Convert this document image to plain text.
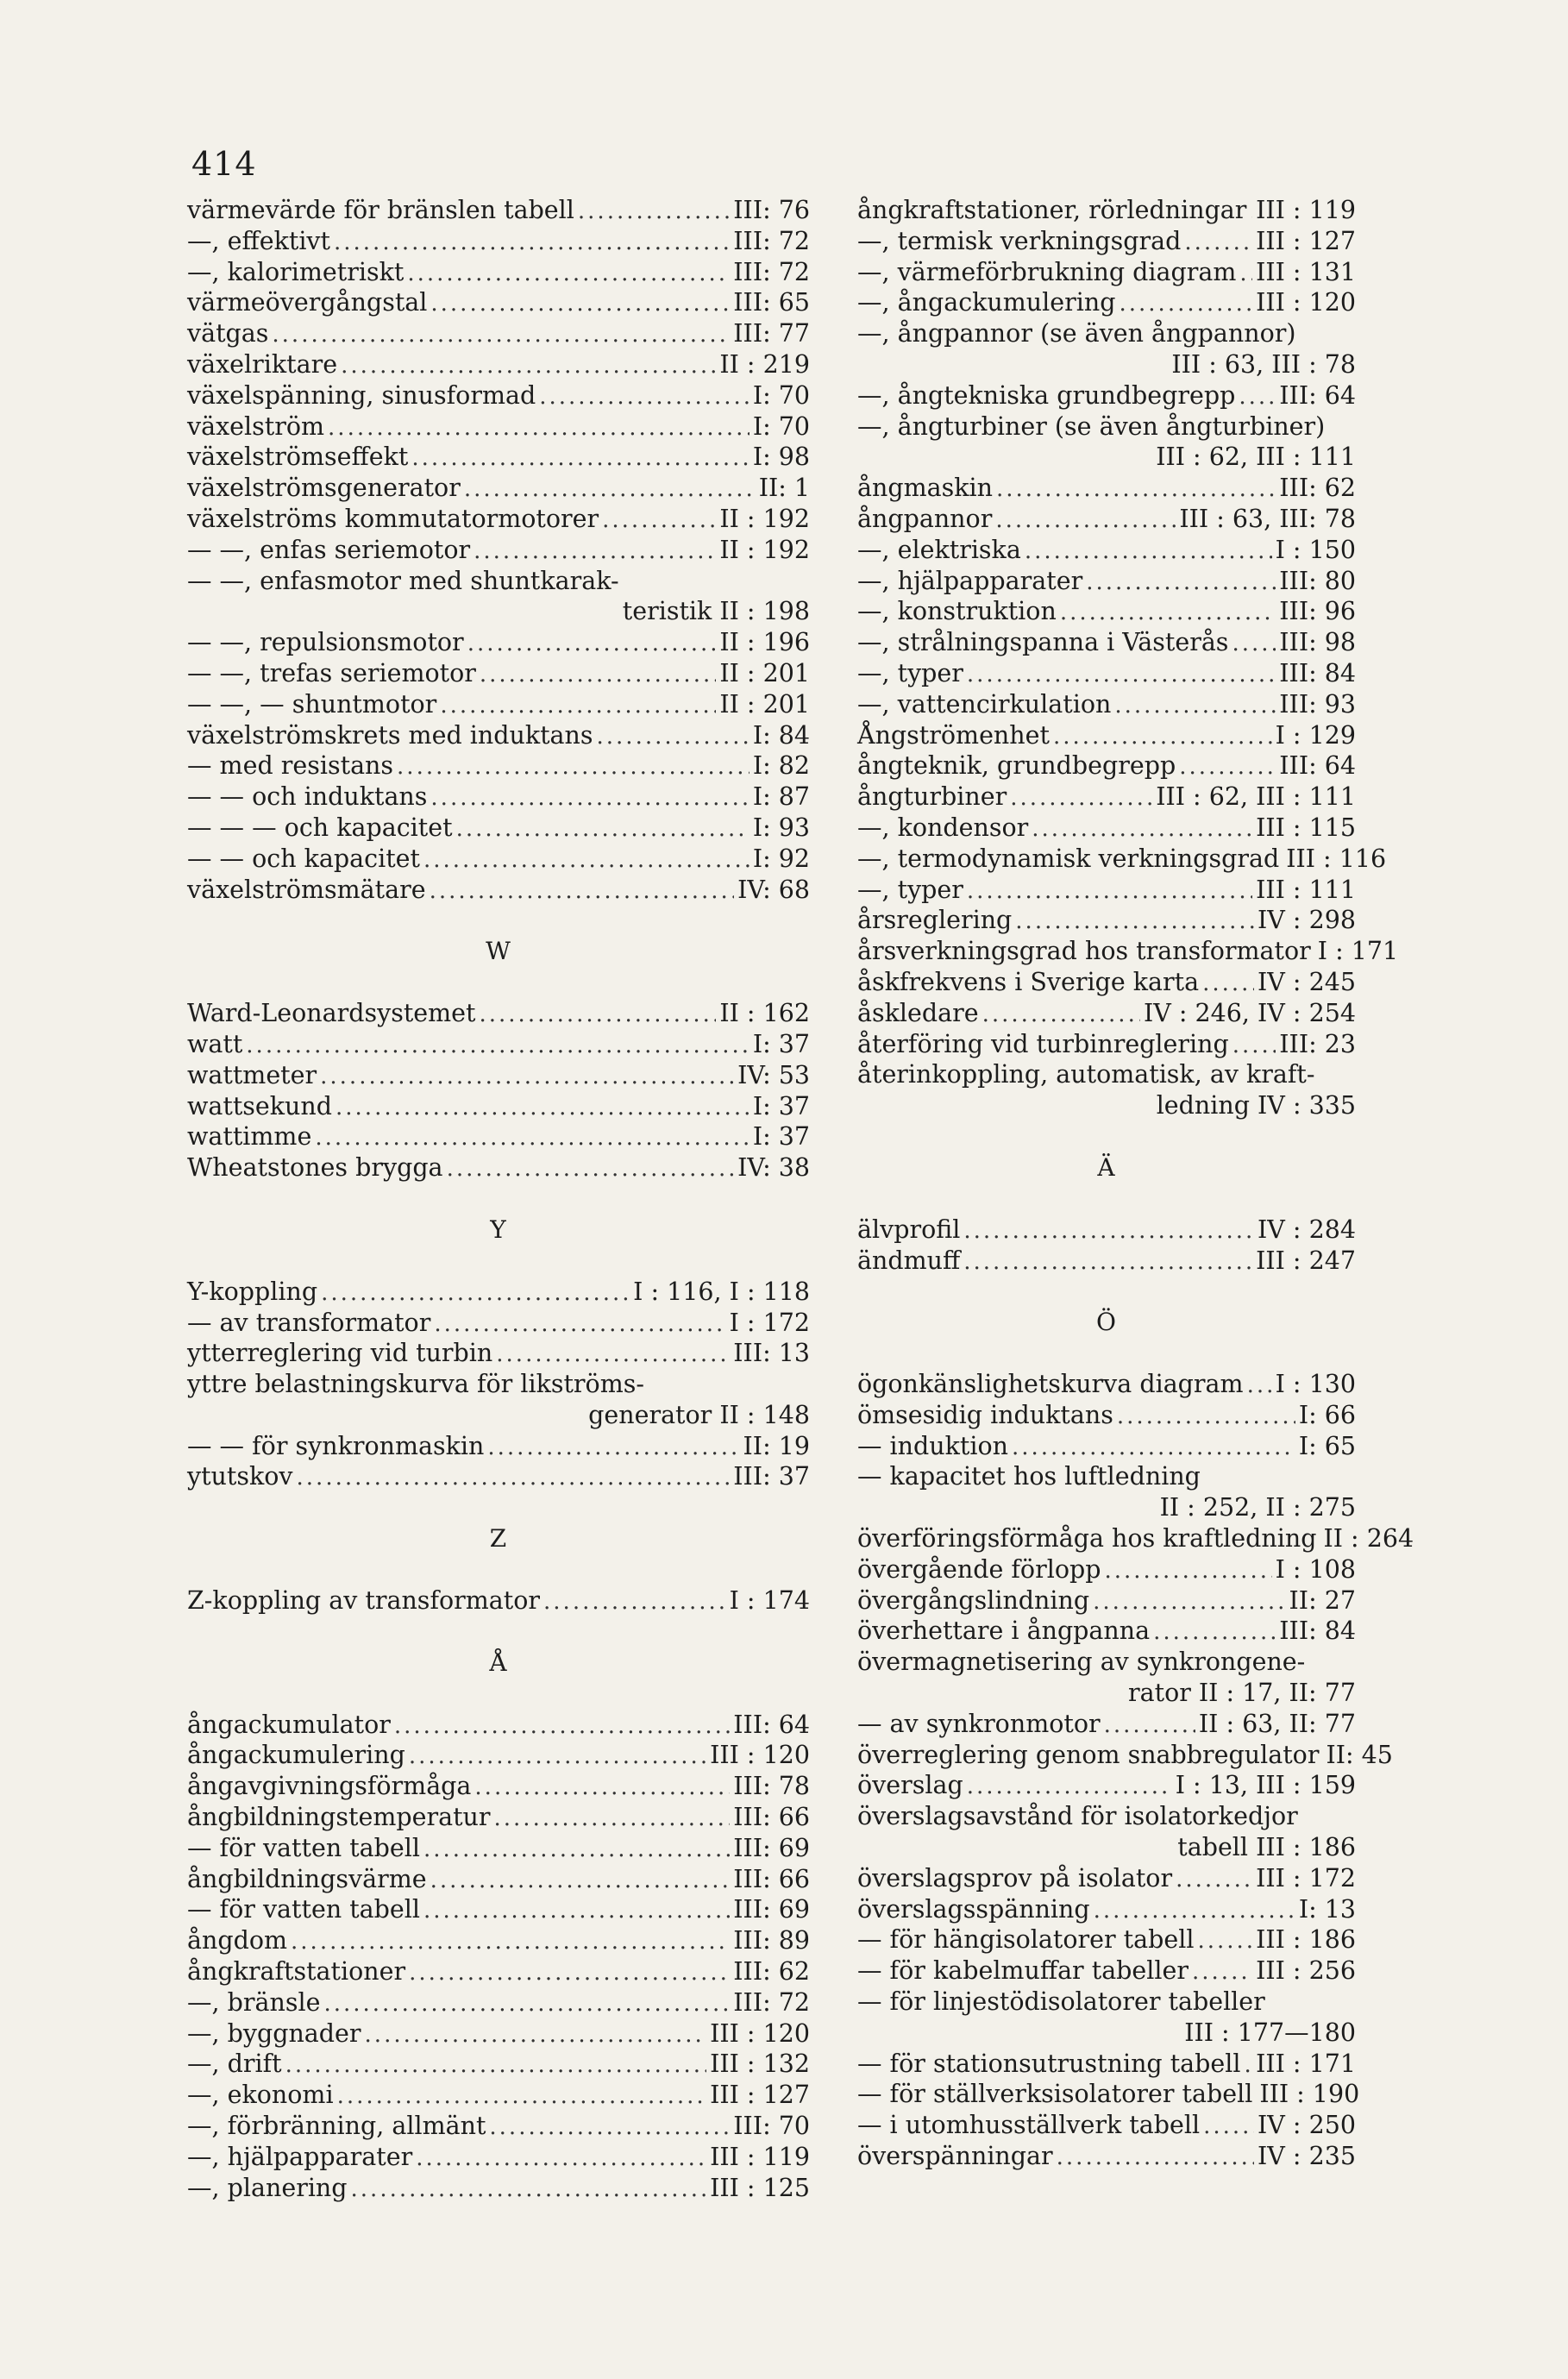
414
värmevärde för bränslen tabell .....	III: 76
—, effektivt .....	III: 72
—, kalorimetriskt .....	III: 72
värmeövergångstal .....	III: 65
vätgas .....	III: 77
växelriktare .....	II : 219
växelspänning, sinusformad .....	I: 70
växelström .....	I: 70
växelströmseffekt .....	I: 98
växelströmsgenerator .....	II: 1
växelströms kommutatormotorer .....	II : 192
— —, enfas seriemotor .....	II : 192
— —, enfasmotor med shuntkarak-
teristik II : 198
— —, repulsionsmotor .....	II : 196
— —, trefas seriemotor .....	II : 201
— —, — shuntmotor .....	II : 201
växelströmskrets med induktans .....	I: 84
— med resistans .....	I: 82
— — och induktans .....	I: 87
— — — och kapacitet .....	I: 93
— — och kapacitet .....	I: 92
växelströmsmätare .....	IV: 68
W
Ward-Leonardsystemet .....	II : 162
watt .....	I: 37
wattmeter .....	IV: 53
wattsekund .....	I: 37
wattimme .....	I: 37
Wheatstones brygga .....	IV: 38
Y
Y-koppling .....	I : 116, I : 118
— av transformator .....	I : 172
ytterreglering vid turbin .....	III: 13
yttre belastningskurva för likströms-
generator II : 148
— — för synkronmaskin .....	II: 19
ytutskov .....	III: 37
Z
Z-koppling av transformator .....	I : 174
Å
ångackumulator .....	III: 64
ångackumulering .....	III : 120
ångavgivningsförmåga .....	III: 78
ångbildningstemperatur .....	III: 66
— för vatten tabell .....	III: 69
ångbildningsvärme .....	III: 66
— för vatten tabell .....	III: 69
ångdom .....	III: 89
ångkraftstationer .....	III: 62
—, bränsle .....	III: 72
—, byggnader .....	III : 120
—, drift .....	III : 132
—, ekonomi .....	III : 127
—, förbränning, allmänt .....	III: 70
—, hjälpapparater .....	III : 119
—, planering .....	III : 125
ångkraftstationer, rörledningar ..... III : 119
—, termisk verkningsgrad .....	III : 127
—, värmeförbrukning diagram ..... III : 131
—, ångackumulering .....	III : 120
—, ångpannor (se även ångpannor)
III : 63, III : 78
—, ångtekniska grundbegrepp ..... III: 64
—, ångturbiner (se även ångturbiner)
III : 62, III : 111
ångmaskin .....	III: 62
ångpannor .....	III : 63, III: 78
—, elektriska .....	I : 150
—, hjälpapparater .....	III: 80
—, konstruktion .....	III: 96
—, strålningspanna i Västerås ..... III: 98
—, typer .....	III: 84
—, vattencirkulation .....	III: 93
Ångströmenhet .....	I : 129
ångteknik, grundbegrepp .....	III: 64
ångturbiner .....	III : 62, III : 111
—, kondensor .....	III : 115
—, termodynamisk verkningsgrad III : 116
—, typer .....	III : 111
årsreglering .....	IV : 298
årsverkningsgrad hos transformator I : 171
åskfrekvens i Sverige karta ..... IV : 245
åskledare .....	IV : 246, IV : 254
återföring vid turbinreglering ..... III: 23
återinkoppling, automatisk, av kraft-
ledning IV : 335
Ä
älvprofil .....	IV : 284
ändmuff .....	III : 247
Ö
ögonkänslighetskurva diagram ..... I : 130
ömsesidig induktans .....	I: 66
— induktion .....	I: 65
— kapacitet hos luftledning
II : 252, II : 275
överföringsförmåga hos kraftledning II : 264
övergående förlopp .....	I : 108
övergångslindning .....	II: 27
överhettare i ångpanna .....	III: 84
övermagnetisering av synkrongene-
rator II : 17, II: 77
— av synkronmotor .....	II : 63, II: 77
överreglering genom snabbregulator II: 45
överslag .....	I : 13, III : 159
överslagsavstånd för isolatorkedjor
tabell III : 186
överslagsprov på isolator .....	III : 172
överslagsspänning .....	I: 13
— för hängisolatorer tabell .....	III : 186
— för kabelmuffar tabeller .....	III : 256
— för linjestödisolatorer tabeller
III : 177—180
— för stationsutrustning tabell ..... III : 171
— för ställverksisolatorer tabell III : 190
— i utomhusställverk tabell ..... IV : 250
överspänningar .....	IV : 235
